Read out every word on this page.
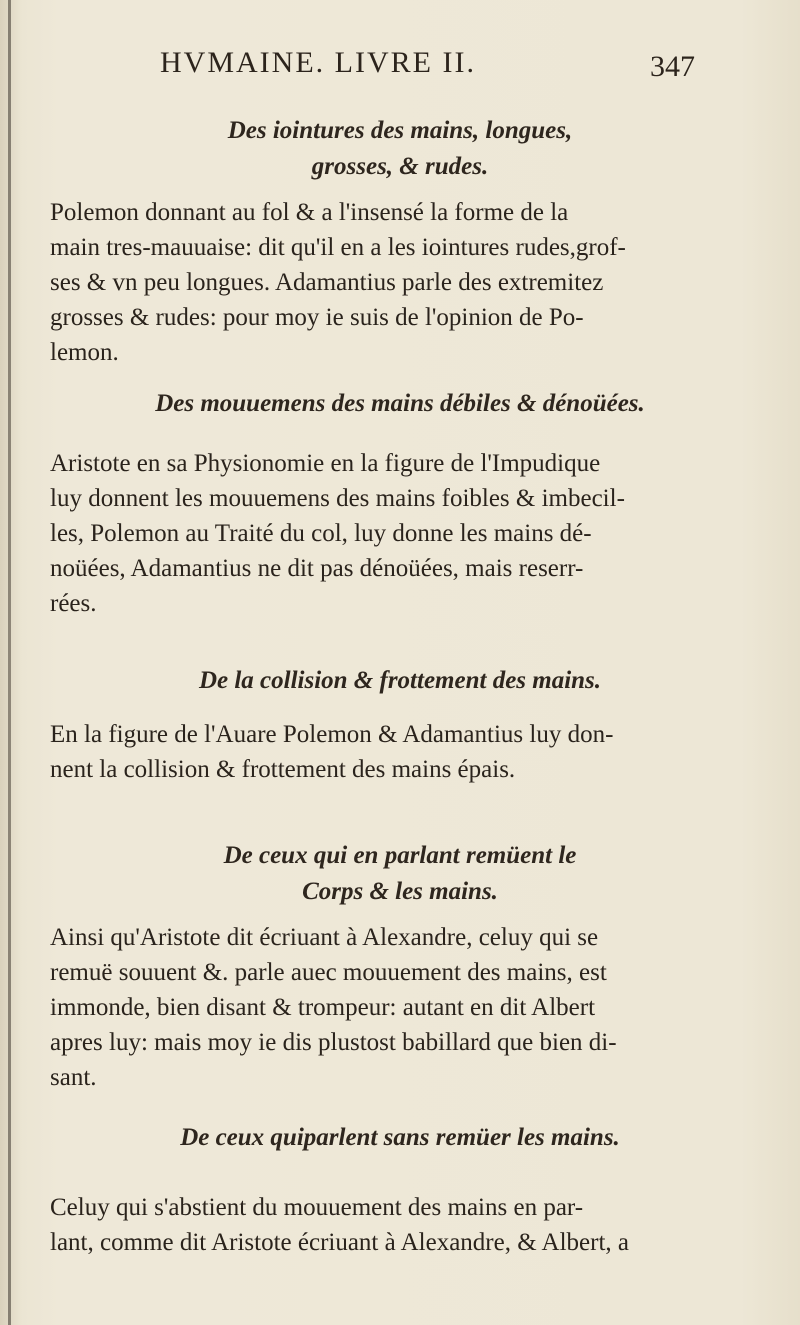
HVMAINE. LIVRE II.	347
Des iointures des mains, longues,
grosses, & rudes.
Polemon donnant au fol & a l'insensé la forme de la
main tres-mauuaise: dit qu'il en a les iointures rudes,grof-
ses & vn peu longues. Adamantius parle des extremitez
grosses & rudes: pour moy ie suis de l'opinion de Po-
lemon.
Des mouuemens des mains débiles & dénoüées.
Aristote en sa Physionomie en la figure de l'Impudique
luy donnent les mouuemens des mains foibles & imbecil-
les, Polemon au Traité du col, luy donne les mains dé-
noüées, Adamantius ne dit pas dénoüées, mais reserr-
rées.
De la collision & frottement des mains.
En la figure de l'Auare Polemon & Adamantius luy don-
nent la collision & frottement des mains épais.
De ceux qui en parlant remüent le
Corps & les mains.
Ainsi qu'Aristote dit écriuant à Alexandre, celuy qui se
remuë souuent &. parle auec mouuement des mains, est
immonde, bien disant & trompeur: autant en dit Albert
apres luy: mais moy ie dis plustost babillard que bien di-
sant.
De ceux quiparlent sans remüer les mains.
Celuy qui s'abstient du mouuement des mains en par-
lant, comme dit Aristote écriuant à Alexandre, & Albert, a
